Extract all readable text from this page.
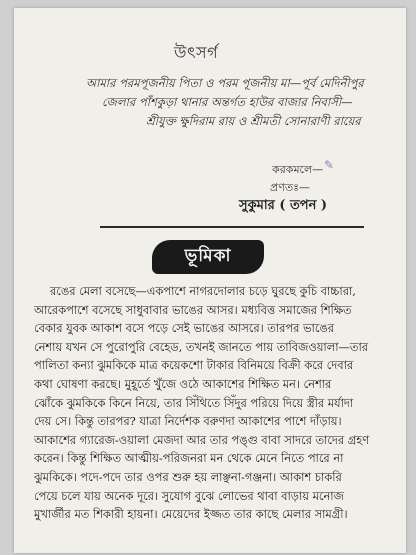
উৎসর্গ
আমার পরমপূজনীয় পিতা ও পরম পূজনীয় মা—পূর্ব মেদিনীপুর
জেলার পাঁশকুড়া থানার অন্তর্গত হাউর বাজার নিবাসী—
শ্রীযুক্ত ক্ষুদিরাম রায় ও শ্রীমতী সোনারাণী রায়ের
করকমলে— ✎
প্রণতঃ—
সুকুমার ( তপন )
ভূমিকা
রঙের মেলা বসেছে—একপাশে নাগরদোলার চড়ে ঘুরছে কুচি বাচ্চারা,
আরেকপাশে বসেছে সাধুবাবার ভাঙের আসর। মধ্যবিত্ত সমাজের শিক্ষিত
বেকার যুবক আকাশ বসে পড়ে সেই ভাঙের আসরে। তারপর ভাঙের
নেশায় যখন সে পুরোপুরি বেহেড, তখনই জানতে পায় তাবিজওয়ালা—তার
পালিতা কন্যা ঝুমকিকে মাত্র কয়েকশো টাকার বিনিময়ে বিক্রী করে দেবার
কথা ঘোষণা করছে। মুহূর্তে খুঁজে ওঠে আকাশের শিক্ষিত মন। নেশার
ঝোঁকে ঝুমকিকে কিনে নিয়ে, তার সিঁথিতে সিঁদুর পরিয়ে দিয়ে স্ত্রীর মর্যাদা
দেয় সে। কিন্তু তারপর? যাত্রা নির্দেশক বরুণদা আকাশের পাশে দাঁড়ায়।
আকাশের গ্যারেজ-ওয়ালা মেজদা আর তার পঙ্গু বাবা সাদরে তাদের গ্রহণ
করেন। কিন্তু শিক্ষিত আত্মীয়-পরিজনরা মন থেকে মেনে নিতে পারে না
ঝুমকিকে। পদে-পদে তার ওপর শুরু হয় লাঞ্ছনা-গঞ্জনা। আকাশ চাকরি
পেয়ে চলে যায় অনেক দূরে। সুযোগ বুঝে লোভের থাবা বাড়ায় মনোজ
মুখার্জীর মত শিকারী হায়না। মেয়েদের ইজ্জত তার কাছে মেলার সামগ্রী।
